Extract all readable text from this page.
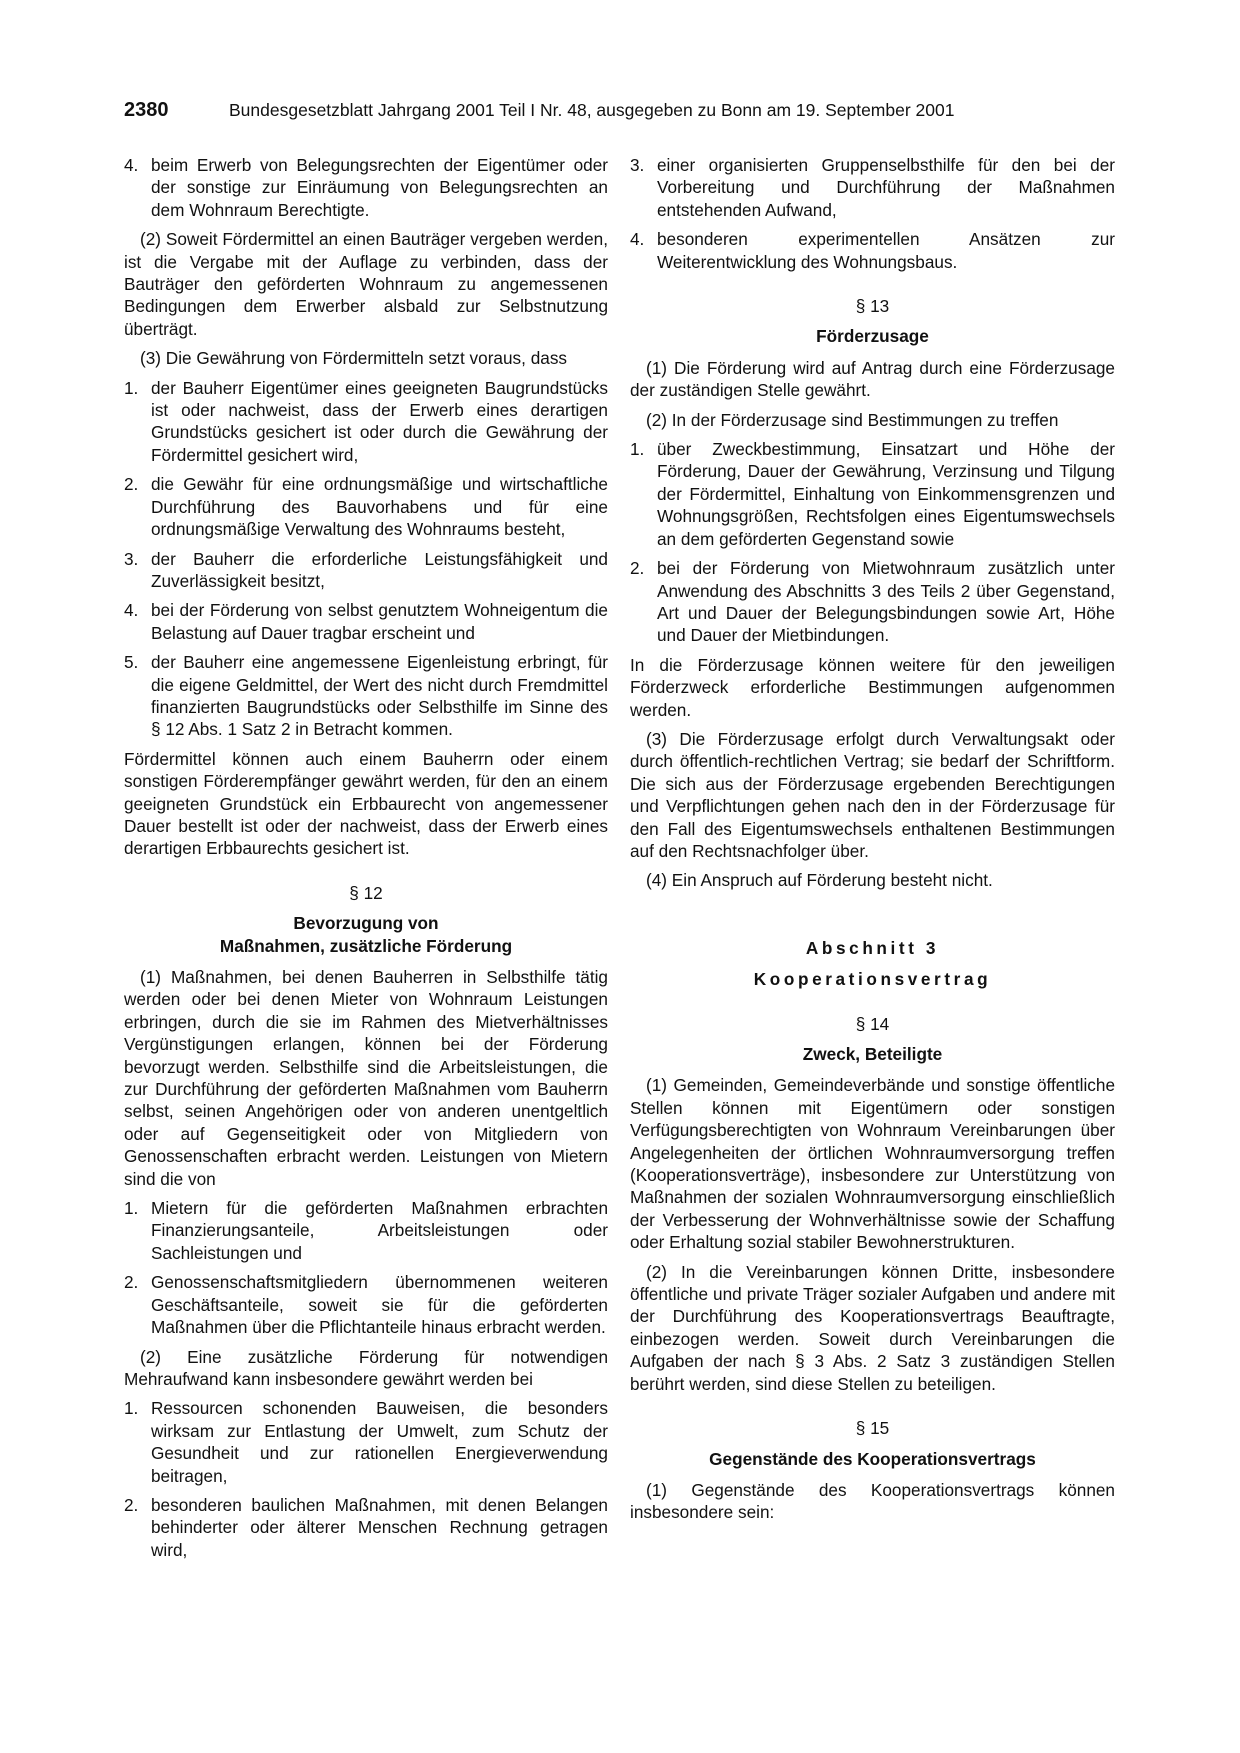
2380	Bundesgesetzblatt Jahrgang 2001 Teil I Nr. 48, ausgegeben zu Bonn am 19. September 2001
4. beim Erwerb von Belegungsrechten der Eigentümer oder der sonstige zur Einräumung von Belegungsrechten an dem Wohnraum Berechtigte.

(2) Soweit Fördermittel an einen Bauträger vergeben werden, ist die Vergabe mit der Auflage zu verbinden, dass der Bauträger den geförderten Wohnraum zu angemessenen Bedingungen dem Erwerber alsbald zur Selbstnutzung überträgt.

(3) Die Gewährung von Fördermitteln setzt voraus, dass

1. der Bauherr Eigentümer eines geeigneten Baugrundstücks ist oder nachweist, dass der Erwerb eines derartigen Grundstücks gesichert ist oder durch die Gewährung der Fördermittel gesichert wird,
2. die Gewähr für eine ordnungsmäßige und wirtschaftliche Durchführung des Bauvorhabens und für eine ordnungsmäßige Verwaltung des Wohnraums besteht,
3. der Bauherr die erforderliche Leistungsfähigkeit und Zuverlässigkeit besitzt,
4. bei der Förderung von selbst genutztem Wohneigentum die Belastung auf Dauer tragbar erscheint und
5. der Bauherr eine angemessene Eigenleistung erbringt, für die eigene Geldmittel, der Wert des nicht durch Fremdmittel finanzierten Baugrundstücks oder Selbsthilfe im Sinne des § 12 Abs. 1 Satz 2 in Betracht kommen.

Fördermittel können auch einem Bauherrn oder einem sonstigen Förderempfänger gewährt werden, für den an einem geeigneten Grundstück ein Erbbaurecht von angemessener Dauer bestellt ist oder der nachweist, dass der Erwerb eines derartigen Erbbaurechts gesichert ist.

§ 12
Bevorzugung von
Maßnahmen, zusätzliche Förderung

(1) Maßnahmen, bei denen Bauherren in Selbsthilfe tätig werden oder bei denen Mieter von Wohnraum Leistungen erbringen, durch die sie im Rahmen des Mietverhältnisses Vergünstigungen erlangen, können bei der Förderung bevorzugt werden. Selbsthilfe sind die Arbeitsleistungen, die zur Durchführung der geförderten Maßnahmen vom Bauherrn selbst, seinen Angehörigen oder von anderen unentgeltlich oder auf Gegenseitigkeit oder von Mitgliedern von Genossenschaften erbracht werden. Leistungen von Mietern sind die von

1. Mietern für die geförderten Maßnahmen erbrachten Finanzierungsanteile, Arbeitsleistungen oder Sachleistungen und
2. Genossenschaftsmitgliedern übernommenen weiteren Geschäftsanteile, soweit sie für die geförderten Maßnahmen über die Pflichtanteile hinaus erbracht werden.

(2) Eine zusätzliche Förderung für notwendigen Mehraufwand kann insbesondere gewährt werden bei

1. Ressourcen schonenden Bauweisen, die besonders wirksam zur Entlastung der Umwelt, zum Schutz der Gesundheit und zur rationellen Energieverwendung beitragen,
2. besonderen baulichen Maßnahmen, mit denen Belangen behinderter oder älterer Menschen Rechnung getragen wird,
3. einer organisierten Gruppenselbsthilfe für den bei der Vorbereitung und Durchführung der Maßnahmen entstehenden Aufwand,
4. besonderen experimentellen Ansätzen zur Weiterentwicklung des Wohnungsbaus.
§ 13
Förderzusage

(1) Die Förderung wird auf Antrag durch eine Förderzusage der zuständigen Stelle gewährt.

(2) In der Förderzusage sind Bestimmungen zu treffen

1. über Zweckbestimmung, Einsatzart und Höhe der Förderung, Dauer der Gewährung, Verzinsung und Tilgung der Fördermittel, Einhaltung von Einkommensgrenzen und Wohnungsgrößen, Rechtsfolgen eines Eigentumswechsels an dem geförderten Gegenstand sowie
2. bei der Förderung von Mietwohnraum zusätzlich unter Anwendung des Abschnitts 3 des Teils 2 über Gegenstand, Art und Dauer der Belegungsbindungen sowie Art, Höhe und Dauer der Mietbindungen.

In die Förderzusage können weitere für den jeweiligen Förderzweck erforderliche Bestimmungen aufgenommen werden.

(3) Die Förderzusage erfolgt durch Verwaltungsakt oder durch öffentlich-rechtlichen Vertrag; sie bedarf der Schriftform. Die sich aus der Förderzusage ergebenden Berechtigungen und Verpflichtungen gehen nach den in der Förderzusage für den Fall des Eigentumswechsels enthaltenen Bestimmungen auf den Rechtsnachfolger über.

(4) Ein Anspruch auf Förderung besteht nicht.

Abschnitt 3
Kooperationsvertrag
§ 14
Zweck, Beteiligte

(1) Gemeinden, Gemeindeverbände und sonstige öffentliche Stellen können mit Eigentümern oder sonstigen Verfügungsberechtigten von Wohnraum Vereinbarungen über Angelegenheiten der örtlichen Wohnraumversorgung treffen (Kooperationsverträge), insbesondere zur Unterstützung von Maßnahmen der sozialen Wohnraumversorgung einschließlich der Verbesserung der Wohnverhältnisse sowie der Schaffung oder Erhaltung sozial stabiler Bewohnerstrukturen.

(2) In die Vereinbarungen können Dritte, insbesondere öffentliche und private Träger sozialer Aufgaben und andere mit der Durchführung des Kooperationsvertrags Beauftragte, einbezogen werden. Soweit durch Vereinbarungen die Aufgaben der nach § 3 Abs. 2 Satz 3 zuständigen Stellen berührt werden, sind diese Stellen zu beteiligen.

§ 15
Gegenstände des Kooperationsvertrags

(1) Gegenstände des Kooperationsvertrags können insbesondere sein:
